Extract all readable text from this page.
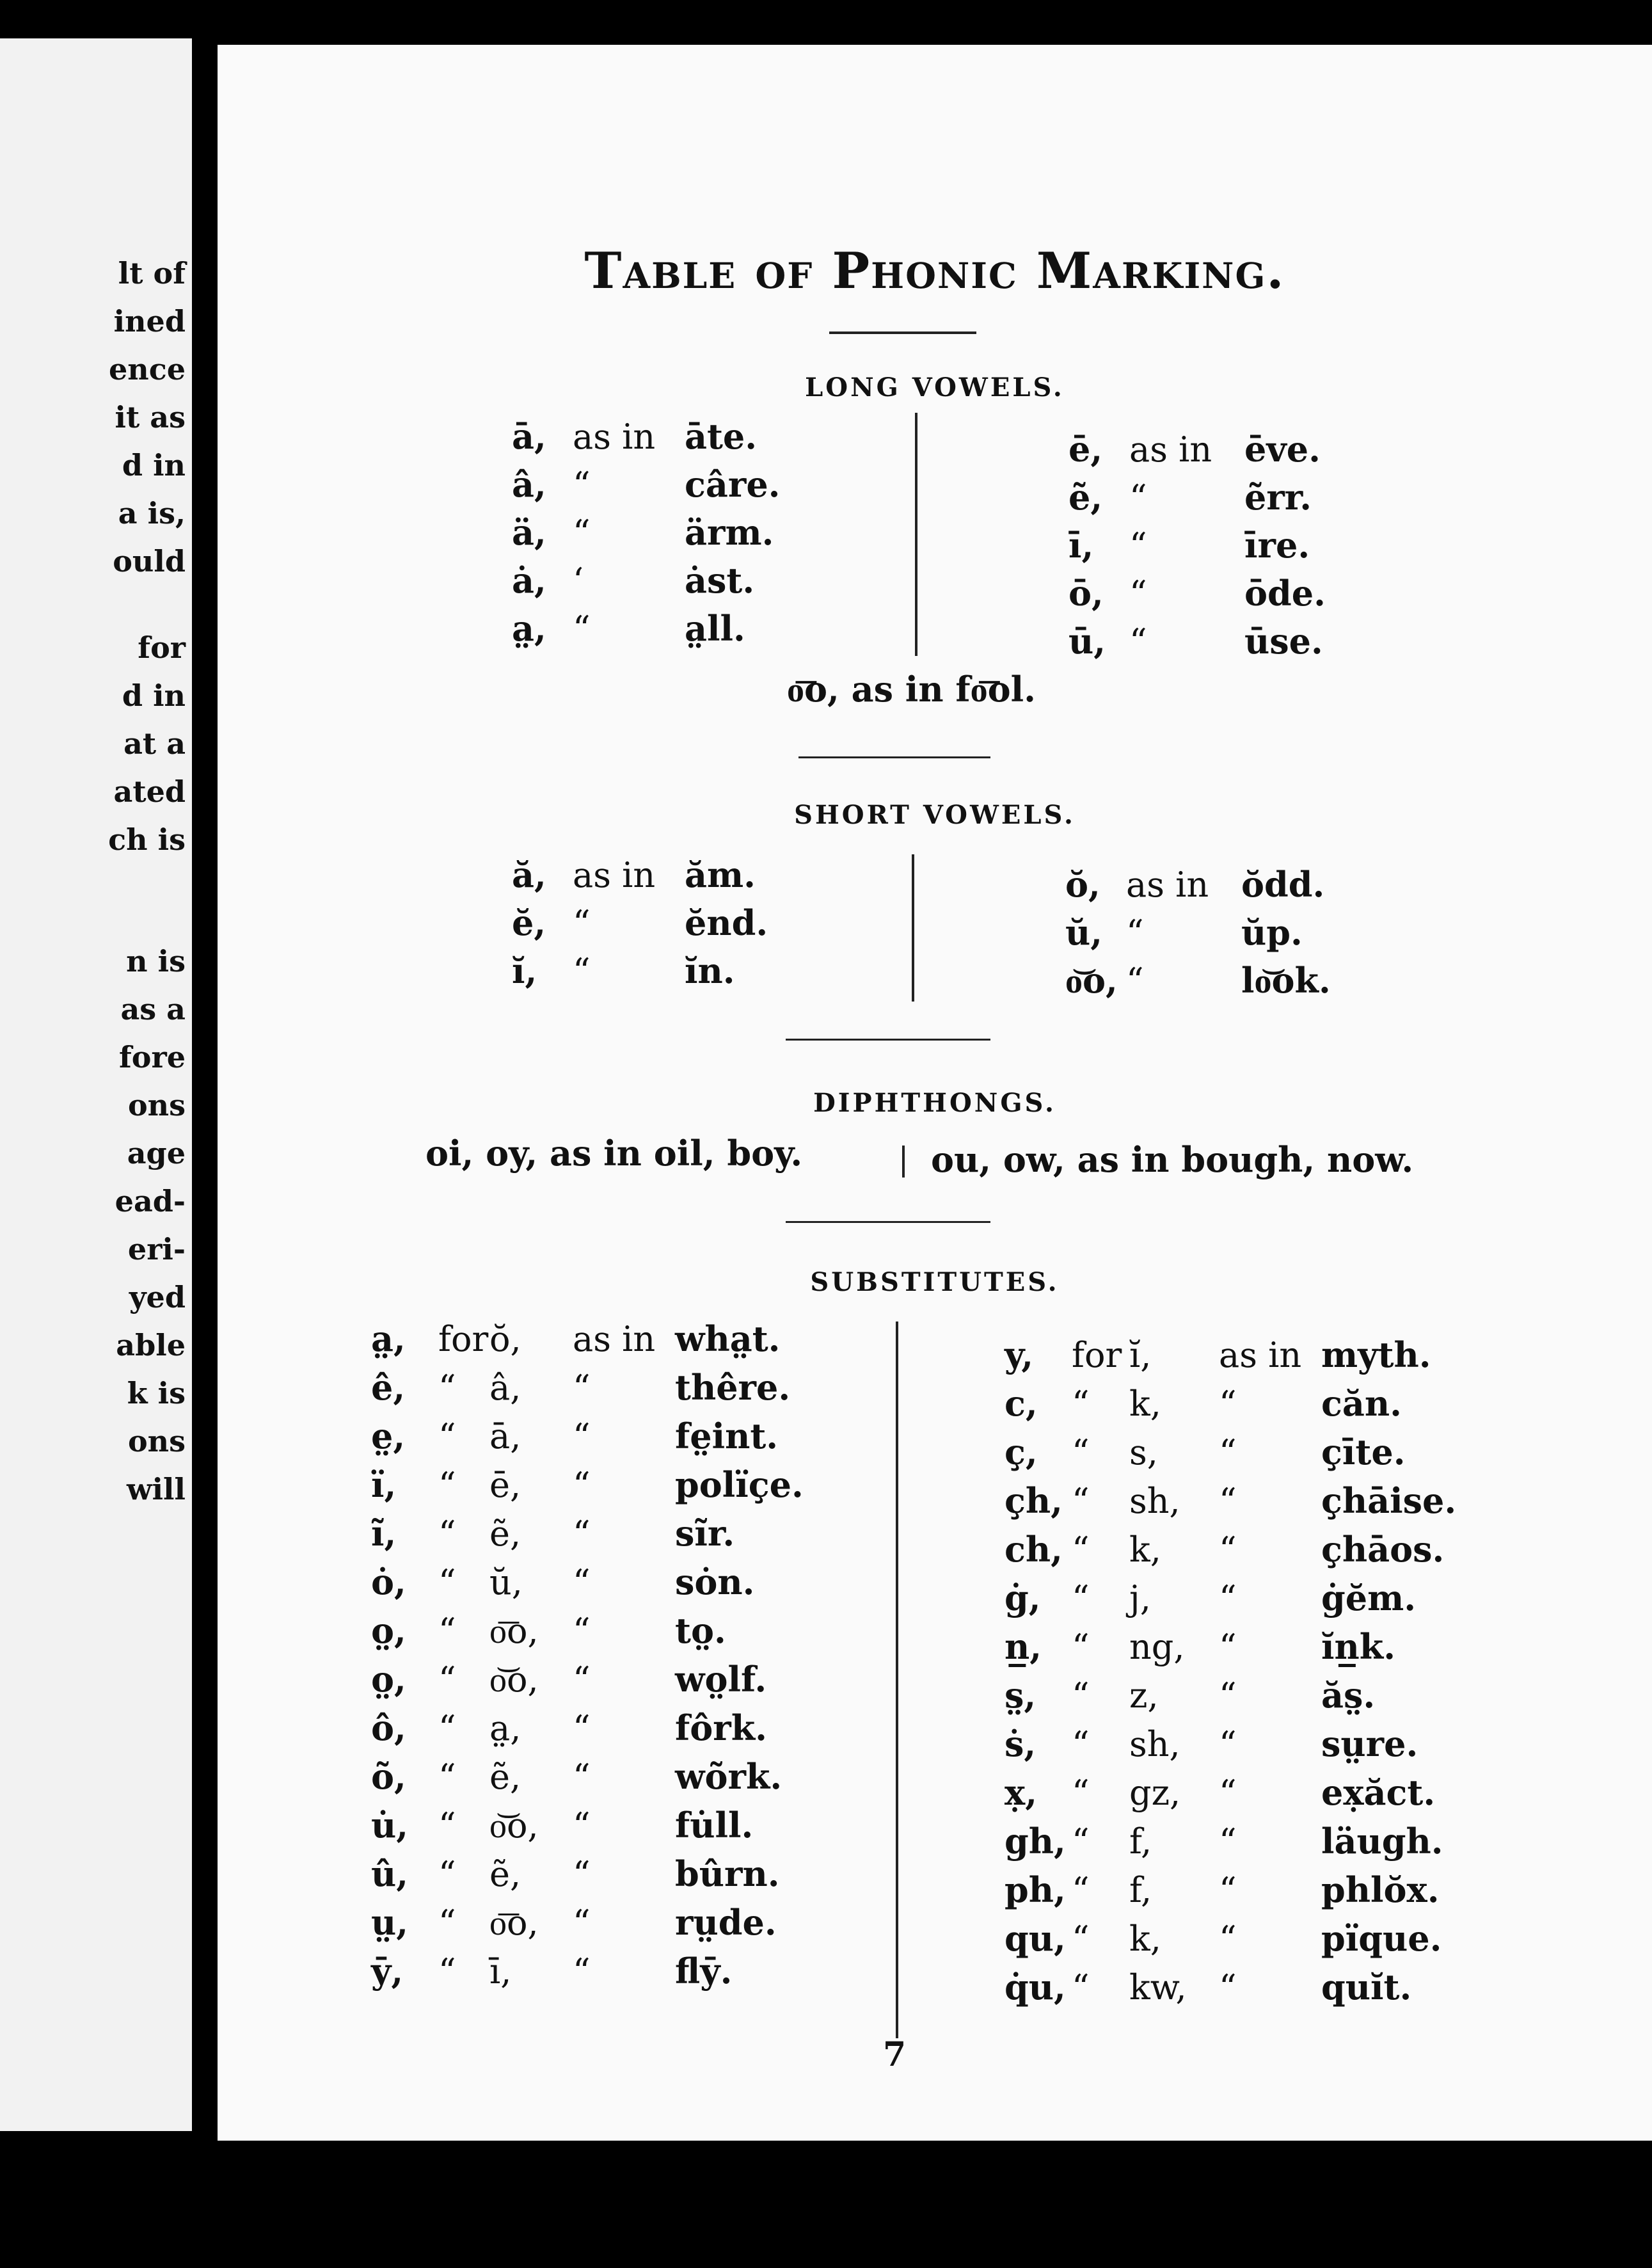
lt of
ined
ence
it as
d in
a is,
ould
for
d in
at a
ated
ch is
n is
as a
fore
ons
age
ead-
eri-
yed
able
k is
ons
will
Table of Phonic Marking.
LONG VOWELS.
SHORT VOWELS.
DIPHTHONGS.
SUBSTITUTES.
o͞o, as in fo͞ol.
oi, oy, as in oil, boy.	ou, ow, as in bough, now.
7
ā, as in āte.
â, “	câre.
ä, “	ärm.
ȧ, ‘	ȧst.
a̤, “	a̤ll.
ē, as in ēve.
ẽ, “	ẽrr.
ī, “	īre.
ō, “	ōde.
ū, “	ūse.
ă, as in ăm.
ĕ, “	ĕnd.
ĭ, “	ĭn.
ŏ, as in ŏdd.
ŭ, “	ŭp.
o͝o, “	lo͝ok.
a̤, forŏ, as in wha̤t.
ê, “ â, “ thêre.
e̤, “ ā, “ fe̤int.
ï, “ ē, “ polïçe.
ĩ, “ ẽ, “ sĩr.
ȯ, “ ŭ, “ sȯn.
o̤, “ o͞o, “ to̤.
o̤, “ o͝o, “ wo̤lf.
ô, “ a̤, “ fôrk.
õ, “ ẽ, “ wõrk.
u̇, “ o͝o, “ fu̇ll.
û, “ ẽ, “ bûrn.
ṳ, “ o͞o, “ rṳde.
ȳ, “ ī, “ flȳ.
y, for ĭ, as in myth.
c, “ k, “ căn.
ç, “ s, “ çīte.
çh, “ sh, “ çhāise.
ch, “ k, “ çhāos.
ġ, “ j, “ ġĕm.
n̲, “ ng, “ ĭn̲k.
s̤, “ z, “ ăs̤.
ṡ, “ sh, “ sṳre.
x̣, “ gz, “ ex̣ăct.
gh, “ f, “ läugh.
ph, “ f, “ phlŏx.
qu, “ k, “ pïque.
q̇u, “ kw, “ quĭt.
